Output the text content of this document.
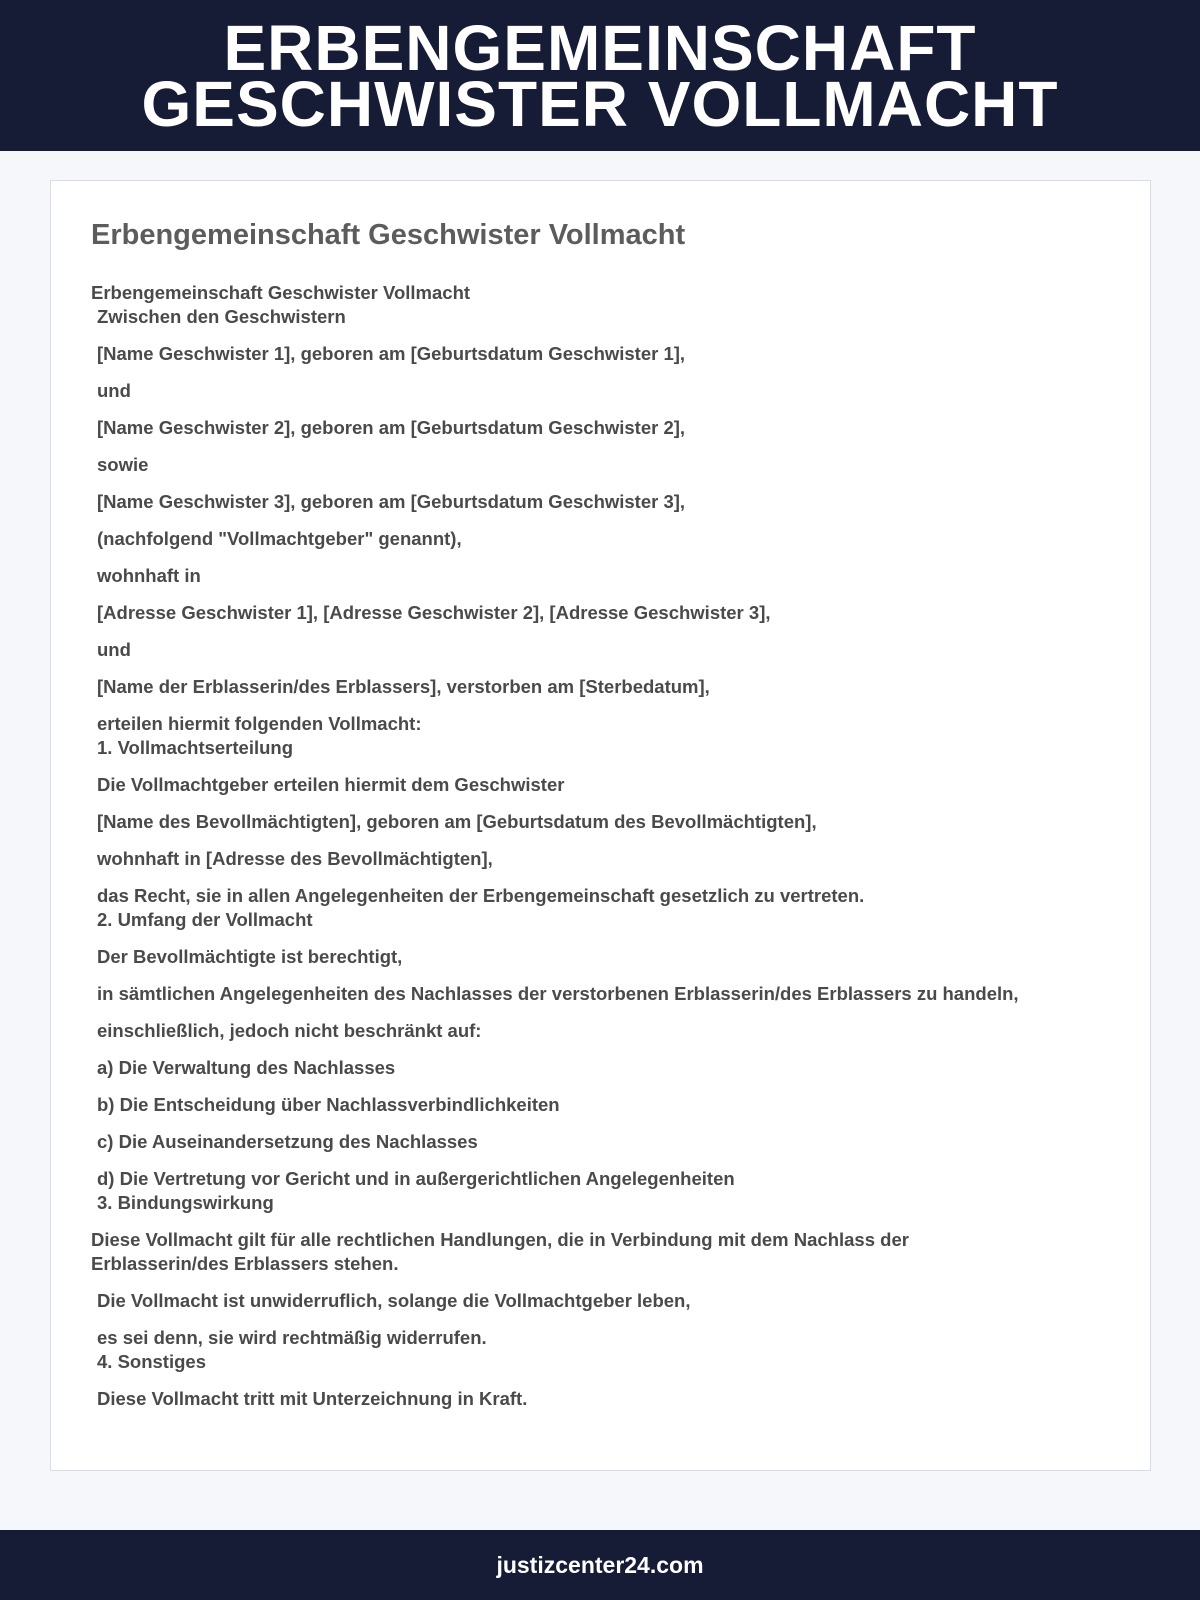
ERBENGEMEINSCHAFT
GESCHWISTER VOLLMACHT
Erbengemeinschaft Geschwister Vollmacht

Erbengemeinschaft Geschwister Vollmacht

Zwischen den Geschwistern

[Name Geschwister 1], geboren am [Geburtsdatum Geschwister 1],

und

[Name Geschwister 2], geboren am [Geburtsdatum Geschwister 2],

sowie

[Name Geschwister 3], geboren am [Geburtsdatum Geschwister 3],

(nachfolgend "Vollmachtgeber" genannt),

wohnhaft in

[Adresse Geschwister 1], [Adresse Geschwister 2], [Adresse Geschwister 3],

und

[Name der Erblasserin/des Erblassers], verstorben am [Sterbedatum],

erteilen hiermit folgenden Vollmacht:

1. Vollmachtserteilung

Die Vollmachtgeber erteilen hiermit dem Geschwister

[Name des Bevollmächtigten], geboren am [Geburtsdatum des Bevollmächtigten],

wohnhaft in [Adresse des Bevollmächtigten],

das Recht, sie in allen Angelegenheiten der Erbengemeinschaft gesetzlich zu vertreten.

2. Umfang der Vollmacht

Der Bevollmächtigte ist berechtigt,

in sämtlichen Angelegenheiten des Nachlasses der verstorbenen Erblasserin/des Erblassers zu handeln,

einschließlich, jedoch nicht beschränkt auf:

a) Die Verwaltung des Nachlasses

b) Die Entscheidung über Nachlassverbindlichkeiten

c) Die Auseinandersetzung des Nachlasses

d) Die Vertretung vor Gericht und in außergerichtlichen Angelegenheiten

3. Bindungswirkung

Diese Vollmacht gilt für alle rechtlichen Handlungen, die in Verbindung mit dem Nachlass der Erblasserin/des Erblassers stehen.

Die Vollmacht ist unwiderruflich, solange die Vollmachtgeber leben,

es sei denn, sie wird rechtmäßig widerrufen.

4. Sonstiges

Diese Vollmacht tritt mit Unterzeichnung in Kraft.

justizcenter24.com
